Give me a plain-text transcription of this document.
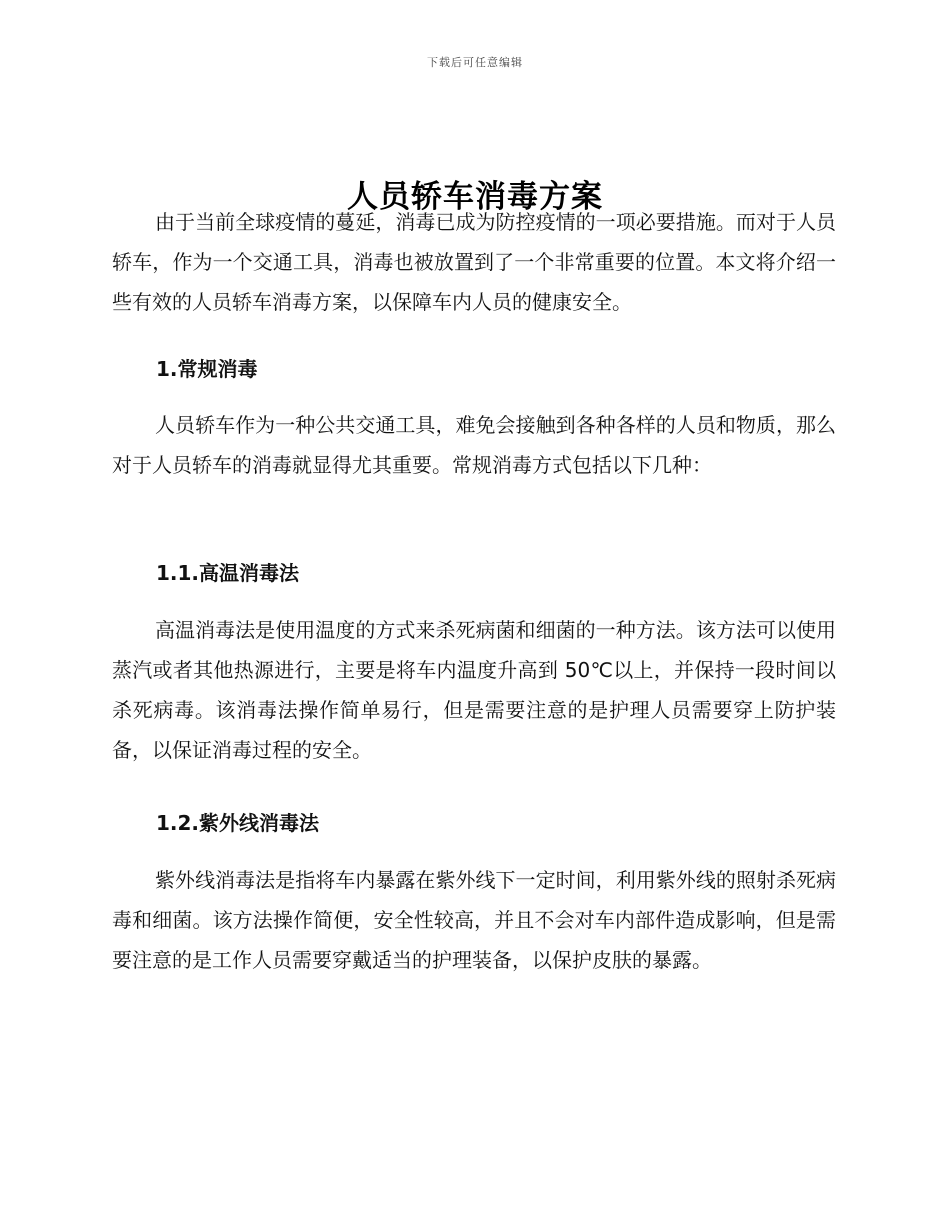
下载后可任意编辑
人员轿车消毒方案

由于当前全球疫情的蔓延，消毒已成为防控疫情的一项必要措施。而对于人员轿车，作为一个交通工具，消毒也被放置到了一个非常重要的位置。本文将介绍一些有效的人员轿车消毒方案，以保障车内人员的健康安全。

1.常规消毒

人员轿车作为一种公共交通工具，难免会接触到各种各样的人员和物质，那么对于人员轿车的消毒就显得尤其重要。常规消毒方式包括以下几种：

1.1.高温消毒法

高温消毒法是使用温度的方式来杀死病菌和细菌的一种方法。该方法可以使用蒸汽或者其他热源进行，主要是将车内温度升高到 50℃以上，并保持一段时间以杀死病毒。该消毒法操作简单易行，但是需要注意的是护理人员需要穿上防护装备，以保证消毒过程的安全。

1.2.紫外线消毒法

紫外线消毒法是指将车内暴露在紫外线下一定时间，利用紫外线的照射杀死病毒和细菌。该方法操作简便，安全性较高，并且不会对车内部件造成影响，但是需要注意的是工作人员需要穿戴适当的护理装备，以保护皮肤的暴露。
